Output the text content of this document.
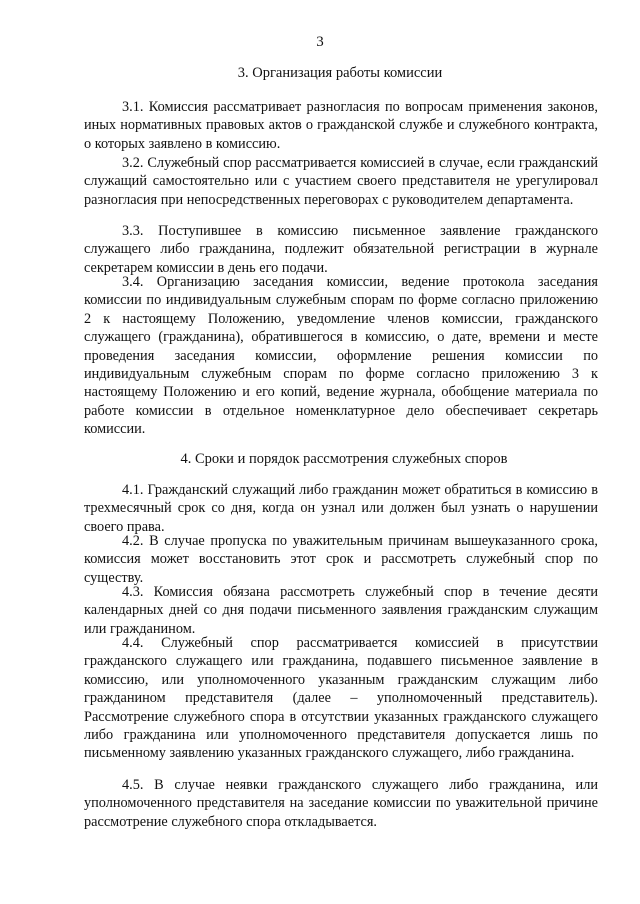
3
3. Организация работы комиссии

3.1. Комиссия рассматривает разногласия по вопросам применения законов, иных нормативных правовых актов о гражданской службе и служебного контракта, о которых заявлено в комиссию.

3.2. Служебный спор рассматривается комиссией в случае, если гражданский служащий самостоятельно или с участием своего представителя не урегулировал разногласия при непосредственных переговорах с руководителем департамента.

3.3. Поступившее в комиссию письменное заявление гражданского служащего либо гражданина, подлежит обязательной регистрации в журнале секретарем комиссии в день его подачи.

3.4. Организацию заседания комиссии, ведение протокола заседания комиссии по индивидуальным служебным спорам по форме согласно приложению 2 к настоящему Положению, уведомление членов комиссии, гражданского служащего (гражданина), обратившегося в комиссию, о дате, времени и месте проведения заседания комиссии, оформление решения комиссии по индивидуальным служебным спорам по форме согласно приложению 3 к настоящему Положению и его копий, ведение журнала, обобщение материала по работе комиссии в отдельное номенклатурное дело обеспечивает секретарь комиссии.

4. Сроки и порядок рассмотрения служебных споров

4.1. Гражданский служащий либо гражданин может обратиться в комиссию в трехмесячный срок со дня, когда он узнал или должен был узнать о нарушении своего права.

4.2. В случае пропуска по уважительным причинам вышеуказанного срока, комиссия может восстановить этот срок и рассмотреть служебный спор по существу.

4.3. Комиссия обязана рассмотреть служебный спор в течение десяти календарных дней со дня подачи письменного заявления гражданским служащим или гражданином.

4.4. Служебный спор рассматривается комиссией в присутствии гражданского служащего или гражданина, подавшего письменное заявление в комиссию, или уполномоченного указанным гражданским служащим либо гражданином представителя (далее – уполномоченный представитель). Рассмотрение служебного спора в отсутствии указанных гражданского служащего либо гражданина или уполномоченного представителя допускается лишь по письменному заявлению указанных гражданского служащего, либо гражданина.

4.5. В случае неявки гражданского служащего либо гражданина, или уполномоченного представителя на заседание комиссии по уважительной причине рассмотрение служебного спора откладывается.
